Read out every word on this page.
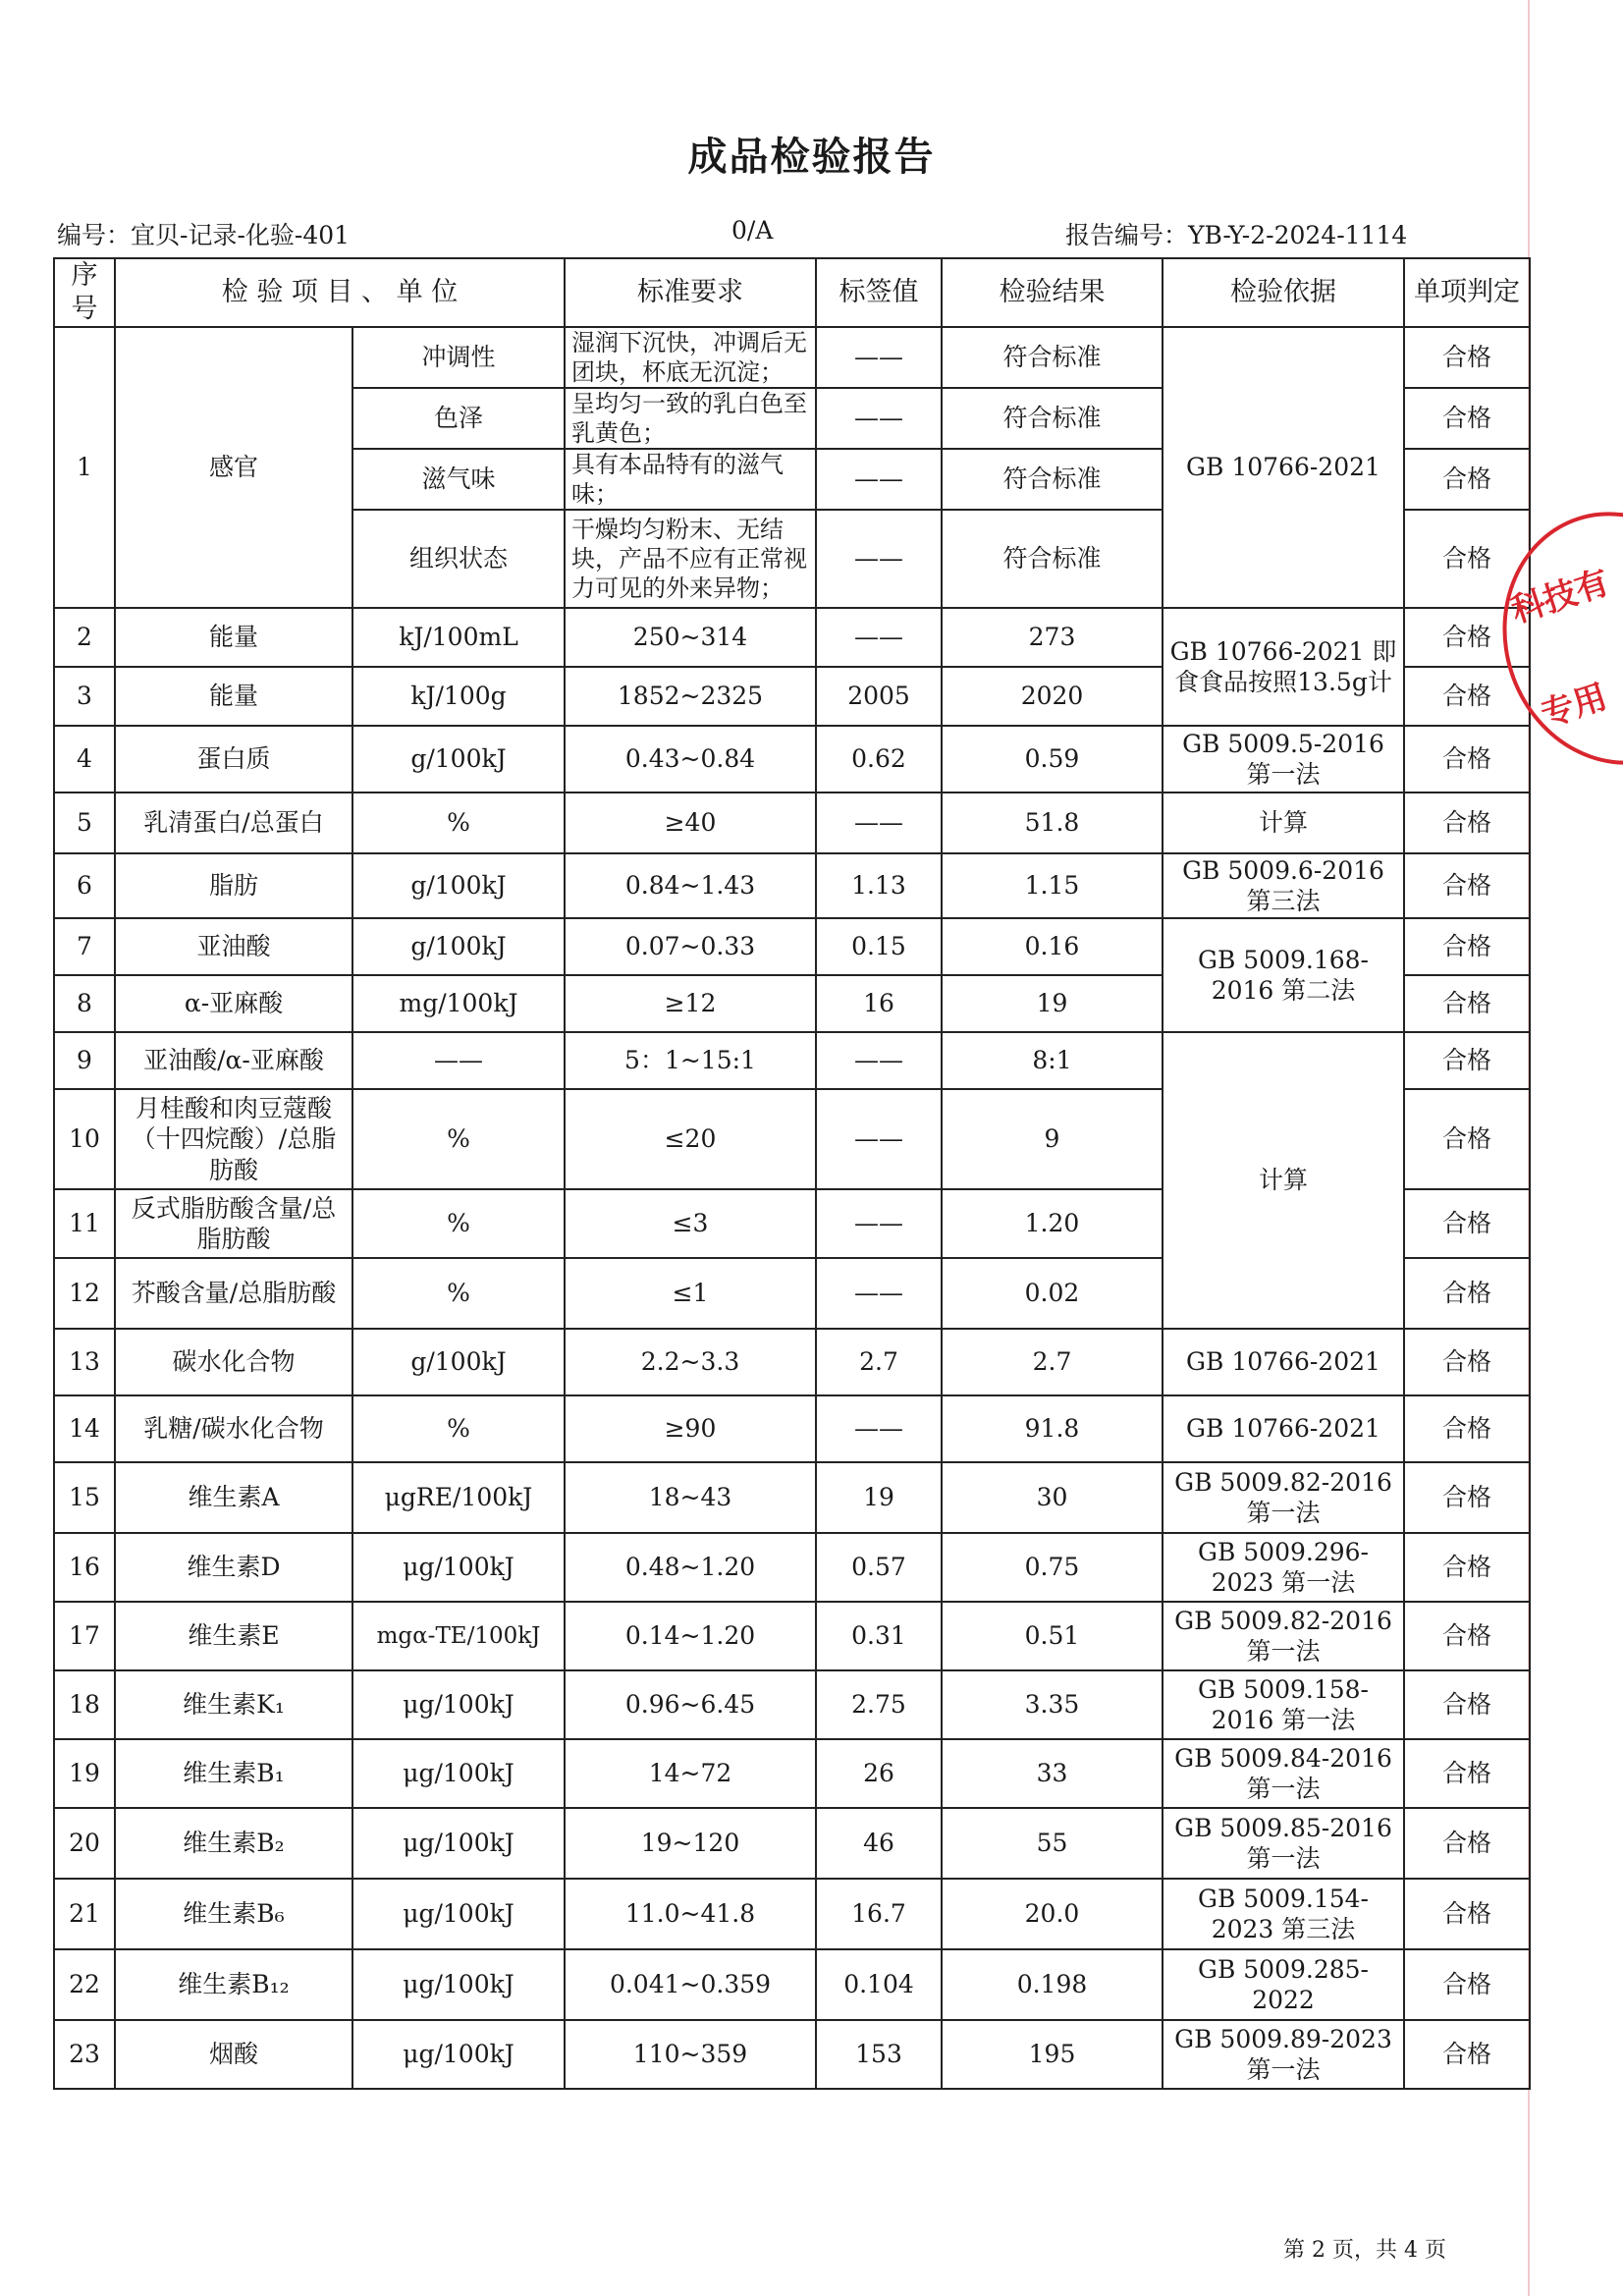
成品检验报告
编号：宜贝-记录-化验-401	0/A	报告编号：YB-Y-2-2024-1114
序号	检 验 项 目 、 单 位		标准要求	标签值	检验结果	检验依据	单项判定
1	感官	冲调性	湿润下沉快，冲调后无团块，杯底无沉淀；	——	符合标准	GB 10766-2021	合格
		色泽	呈均匀一致的乳白色至乳黄色；	——	符合标准		合格
		滋气味	具有本品特有的滋气味；	——	符合标准		合格
		组织状态	干燥均匀粉末、无结块，产品不应有正常视力可见的外来异物；	——	符合标准		合格
2	能量	kJ/100mL	250~314	——	273	GB 10766-2021 即食食品按照13.5g计	合格
3	能量	kJ/100g	1852~2325	2005	2020		合格
4	蛋白质	g/100kJ	0.43~0.84	0.62	0.59	GB 5009.5-2016 第一法	合格
5	乳清蛋白/总蛋白	%	≥40	——	51.8	计算	合格
6	脂肪	g/100kJ	0.84~1.43	1.13	1.15	GB 5009.6-2016 第三法	合格
7	亚油酸	g/100kJ	0.07~0.33	0.15	0.16	GB 5009.168-2016 第二法	合格
8	α-亚麻酸	mg/100kJ	≥12	16	19		合格
9	亚油酸/α-亚麻酸	——	5：1~15:1	——	8:1	计算	合格
10	月桂酸和肉豆蔻酸（十四烷酸）/总脂肪酸	%	≤20	——	9		合格
11	反式脂肪酸含量/总脂肪酸	%	≤3	——	1.20		合格
12	芥酸含量/总脂肪酸	%	≤1	——	0.02		合格
13	碳水化合物	g/100kJ	2.2~3.3	2.7	2.7	GB 10766-2021	合格
14	乳糖/碳水化合物	%	≥90	——	91.8	GB 10766-2021	合格
15	维生素A	μgRE/100kJ	18~43	19	30	GB 5009.82-2016 第一法	合格
16	维生素D	μg/100kJ	0.48~1.20	0.57	0.75	GB 5009.296-2023 第一法	合格
17	维生素E	mgα-TE/100kJ	0.14~1.20	0.31	0.51	GB 5009.82-2016 第一法	合格
18	维生素K₁	μg/100kJ	0.96~6.45	2.75	3.35	GB 5009.158-2016 第一法	合格
19	维生素B₁	μg/100kJ	14~72	26	33	GB 5009.84-2016 第一法	合格
20	维生素B₂	μg/100kJ	19~120	46	55	GB 5009.85-2016 第一法	合格
21	维生素B₆	μg/100kJ	11.0~41.8	16.7	20.0	GB 5009.154-2023 第三法	合格
22	维生素B₁₂	μg/100kJ	0.041~0.359	0.104	0.198	GB 5009.285-2022	合格
23	烟酸	μg/100kJ	110~359	153	195	GB 5009.89-2023 第一法	合格
科技有
专用
第 2 页，共 4 页
